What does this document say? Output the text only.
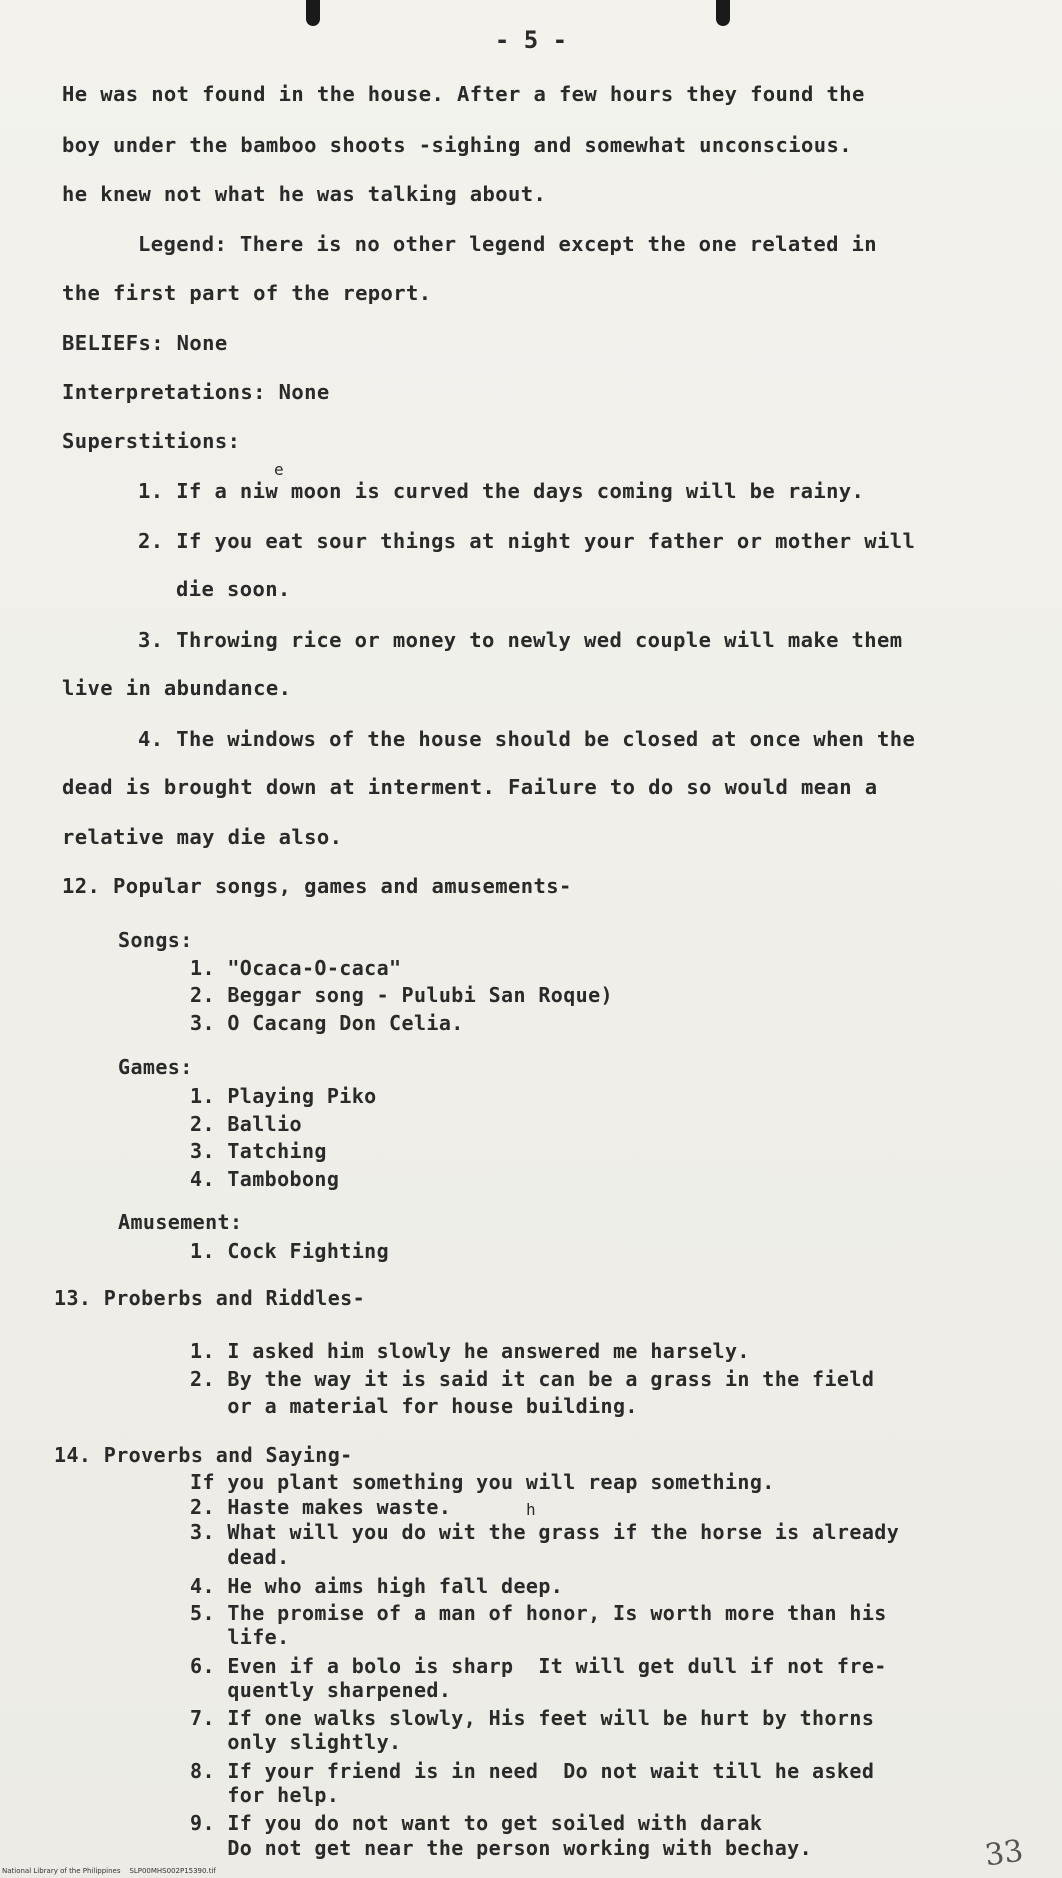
- 5 -
He was not found in the house. After a few hours they found the
boy under the bamboo shoots -sighing and somewhat unconscious.
he knew not what he was talking about.
Legend: There is no other legend except the one related in
the first part of the report.
BELIEFs: None
Interpretations: None
Superstitions:
e
1. If a niw moon is curved the days coming will be rainy.
2. If you eat sour things at night your father or mother will
die soon.
3. Throwing rice or money to newly wed couple will make them
live in abundance.
4. The windows of the house should be closed at once when the
dead is brought down at interment. Failure to do so would mean a
relative may die also.
12. Popular songs, games and amusements-
Songs:
1. "Ocaca-O-caca"
2. Beggar song - Pulubi San Roque)
3. O Cacang Don Celia.
Games:
1. Playing Piko
2. Ballio
3. Tatching
4. Tambobong
Amusement:
1. Cock Fighting
13. Proberbs and Riddles-
1. I asked him slowly he answered me harsely.
2. By the way it is said it can be a grass in the field
or a material for house building.
14. Proverbs and Saying-
If you plant something you will reap something.
2. Haste makes waste.	h
3. What will you do wit the grass if the horse is already
dead.
4. He who aims high fall deep.
5. The promise of a man of honor, Is worth more than his
life.
6. Even if a bolo is sharp  It will get dull if not fre-
quently sharpened.
7. If one walks slowly, His feet will be hurt by thorns
only slightly.
8. If your friend is in need  Do not wait till he asked
for help.
9. If you do not want to get soiled with darak
Do not get near the person working with bechay.	33
National Library of the Philippines    SLP00MHS002P15390.tif
